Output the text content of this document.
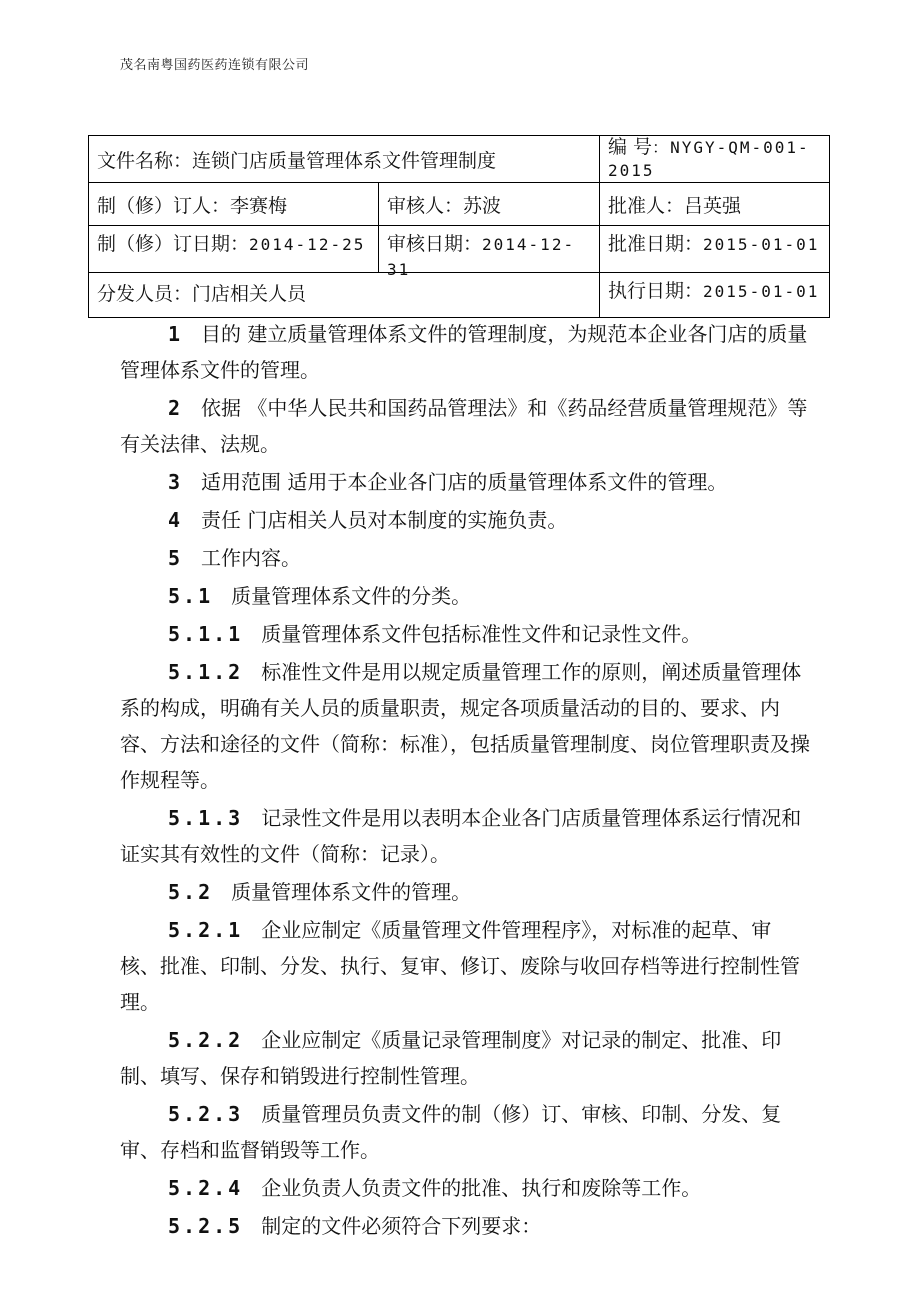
茂名南粤国药医药连锁有限公司
文件名称：连锁门店质量管理体系文件管理制度		编 号：NYGY-QM-001-2015
制（修）订人：李赛梅	审核人：苏波	批准人：吕英强

制（修）订日期：2014-12-25	审核日期：2014-12-31	批准日期：2015-01-01

分发人员：门店相关人员		执行日期：2015-01-01

1 目的 建立质量管理体系文件的管理制度，为规范本企业各门店的质量管理体系文件的管理。

2 依据 《中华人民共和国药品管理法》和《药品经营质量管理规范》等有关法律、法规。

3 适用范围 适用于本企业各门店的质量管理体系文件的管理。

4 责任 门店相关人员对本制度的实施负责。

5 工作内容。

5.1 质量管理体系文件的分类。

5.1.1 质量管理体系文件包括标准性文件和记录性文件。

5.1.2 标准性文件是用以规定质量管理工作的原则，阐述质量管理体系的构成，明确有关人员的质量职责，规定各项质量活动的目的、要求、内容、方法和途径的文件（简称：标准），包括质量管理制度、岗位管理职责及操作规程等。

5.1.3 记录性文件是用以表明本企业各门店质量管理体系运行情况和证实其有效性的文件（简称：记录）。

5.2 质量管理体系文件的管理。

5.2.1 企业应制定《质量管理文件管理程序》，对标准的起草、审核、批准、印制、分发、执行、复审、修订、废除与收回存档等进行控制性管理。

5.2.2 企业应制定《质量记录管理制度》对记录的制定、批准、印制、填写、保存和销毁进行控制性管理。

5.2.3 质量管理员负责文件的制（修）订、审核、印制、分发、复审、存档和监督销毁等工作。

5.2.4 企业负责人负责文件的批准、执行和废除等工作。

5.2.5 制定的文件必须符合下列要求：
